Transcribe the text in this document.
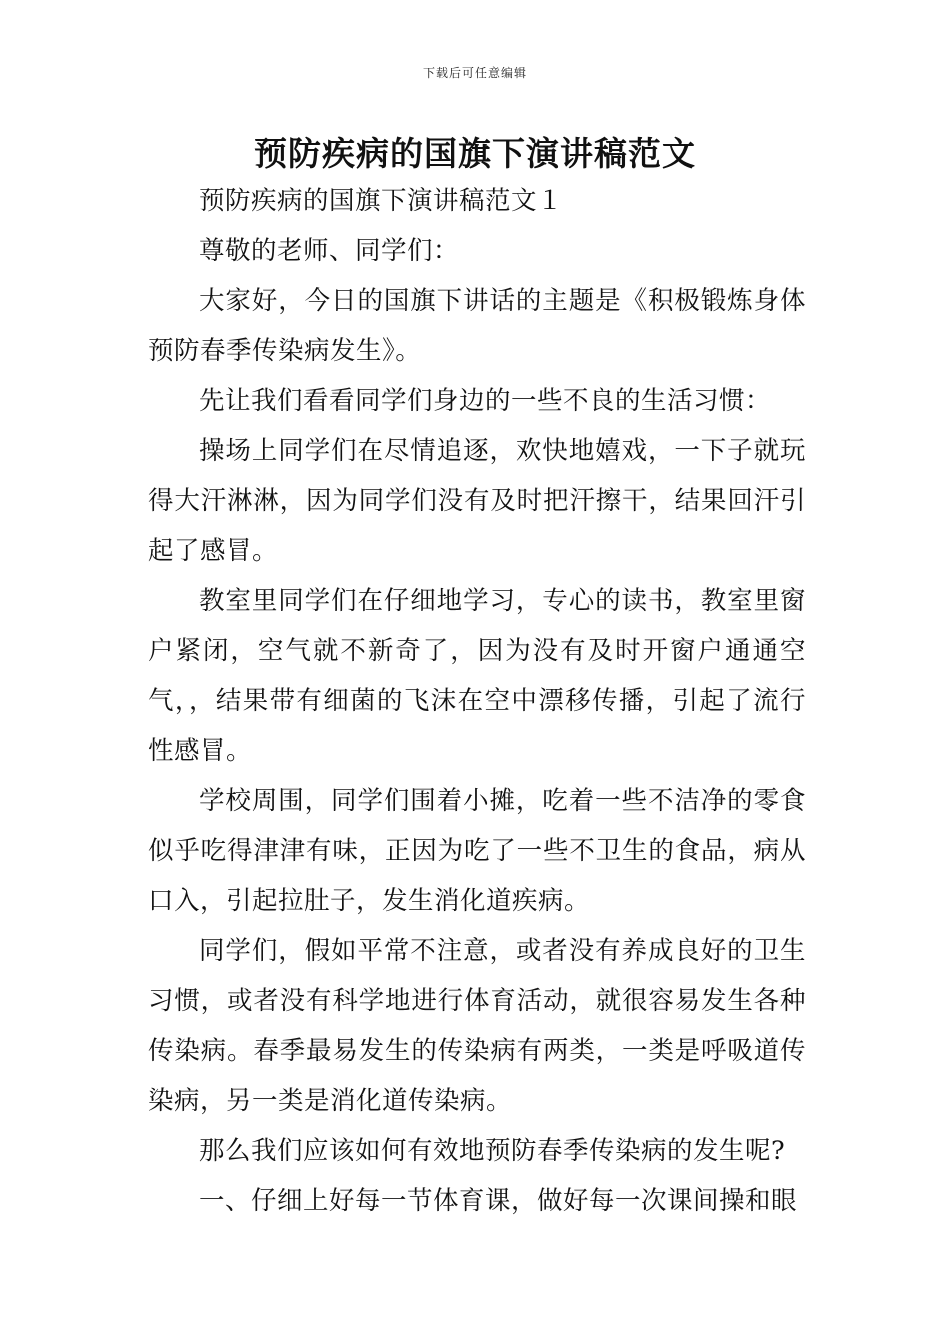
下载后可任意编辑
预防疾病的国旗下演讲稿范文

预防疾病的国旗下演讲稿范文１

尊敬的老师、同学们：

大家好，今日的国旗下讲话的主题是《积极锻炼身体预防春季传染病发生》。

先让我们看看同学们身边的一些不良的生活习惯：

操场上同学们在尽情追逐，欢快地嬉戏，一下子就玩得大汗淋淋，因为同学们没有及时把汗擦干，结果回汗引起了感冒。

教室里同学们在仔细地学习，专心的读书，教室里窗户紧闭，空气就不新奇了，因为没有及时开窗户通通空气，，结果带有细菌的飞沫在空中漂移传播，引起了流行性感冒。

学校周围，同学们围着小摊，吃着一些不洁净的零食似乎吃得津津有味，正因为吃了一些不卫生的食品，病从口入，引起拉肚子，发生消化道疾病。

同学们，假如平常不注意，或者没有养成良好的卫生习惯，或者没有科学地进行体育活动，就很容易发生各种传染病。春季最易发生的传染病有两类，一类是呼吸道传染病，另一类是消化道传染病。

那么我们应该如何有效地预防春季传染病的发生呢?

一、仔细上好每一节体育课，做好每一次课间操和眼
